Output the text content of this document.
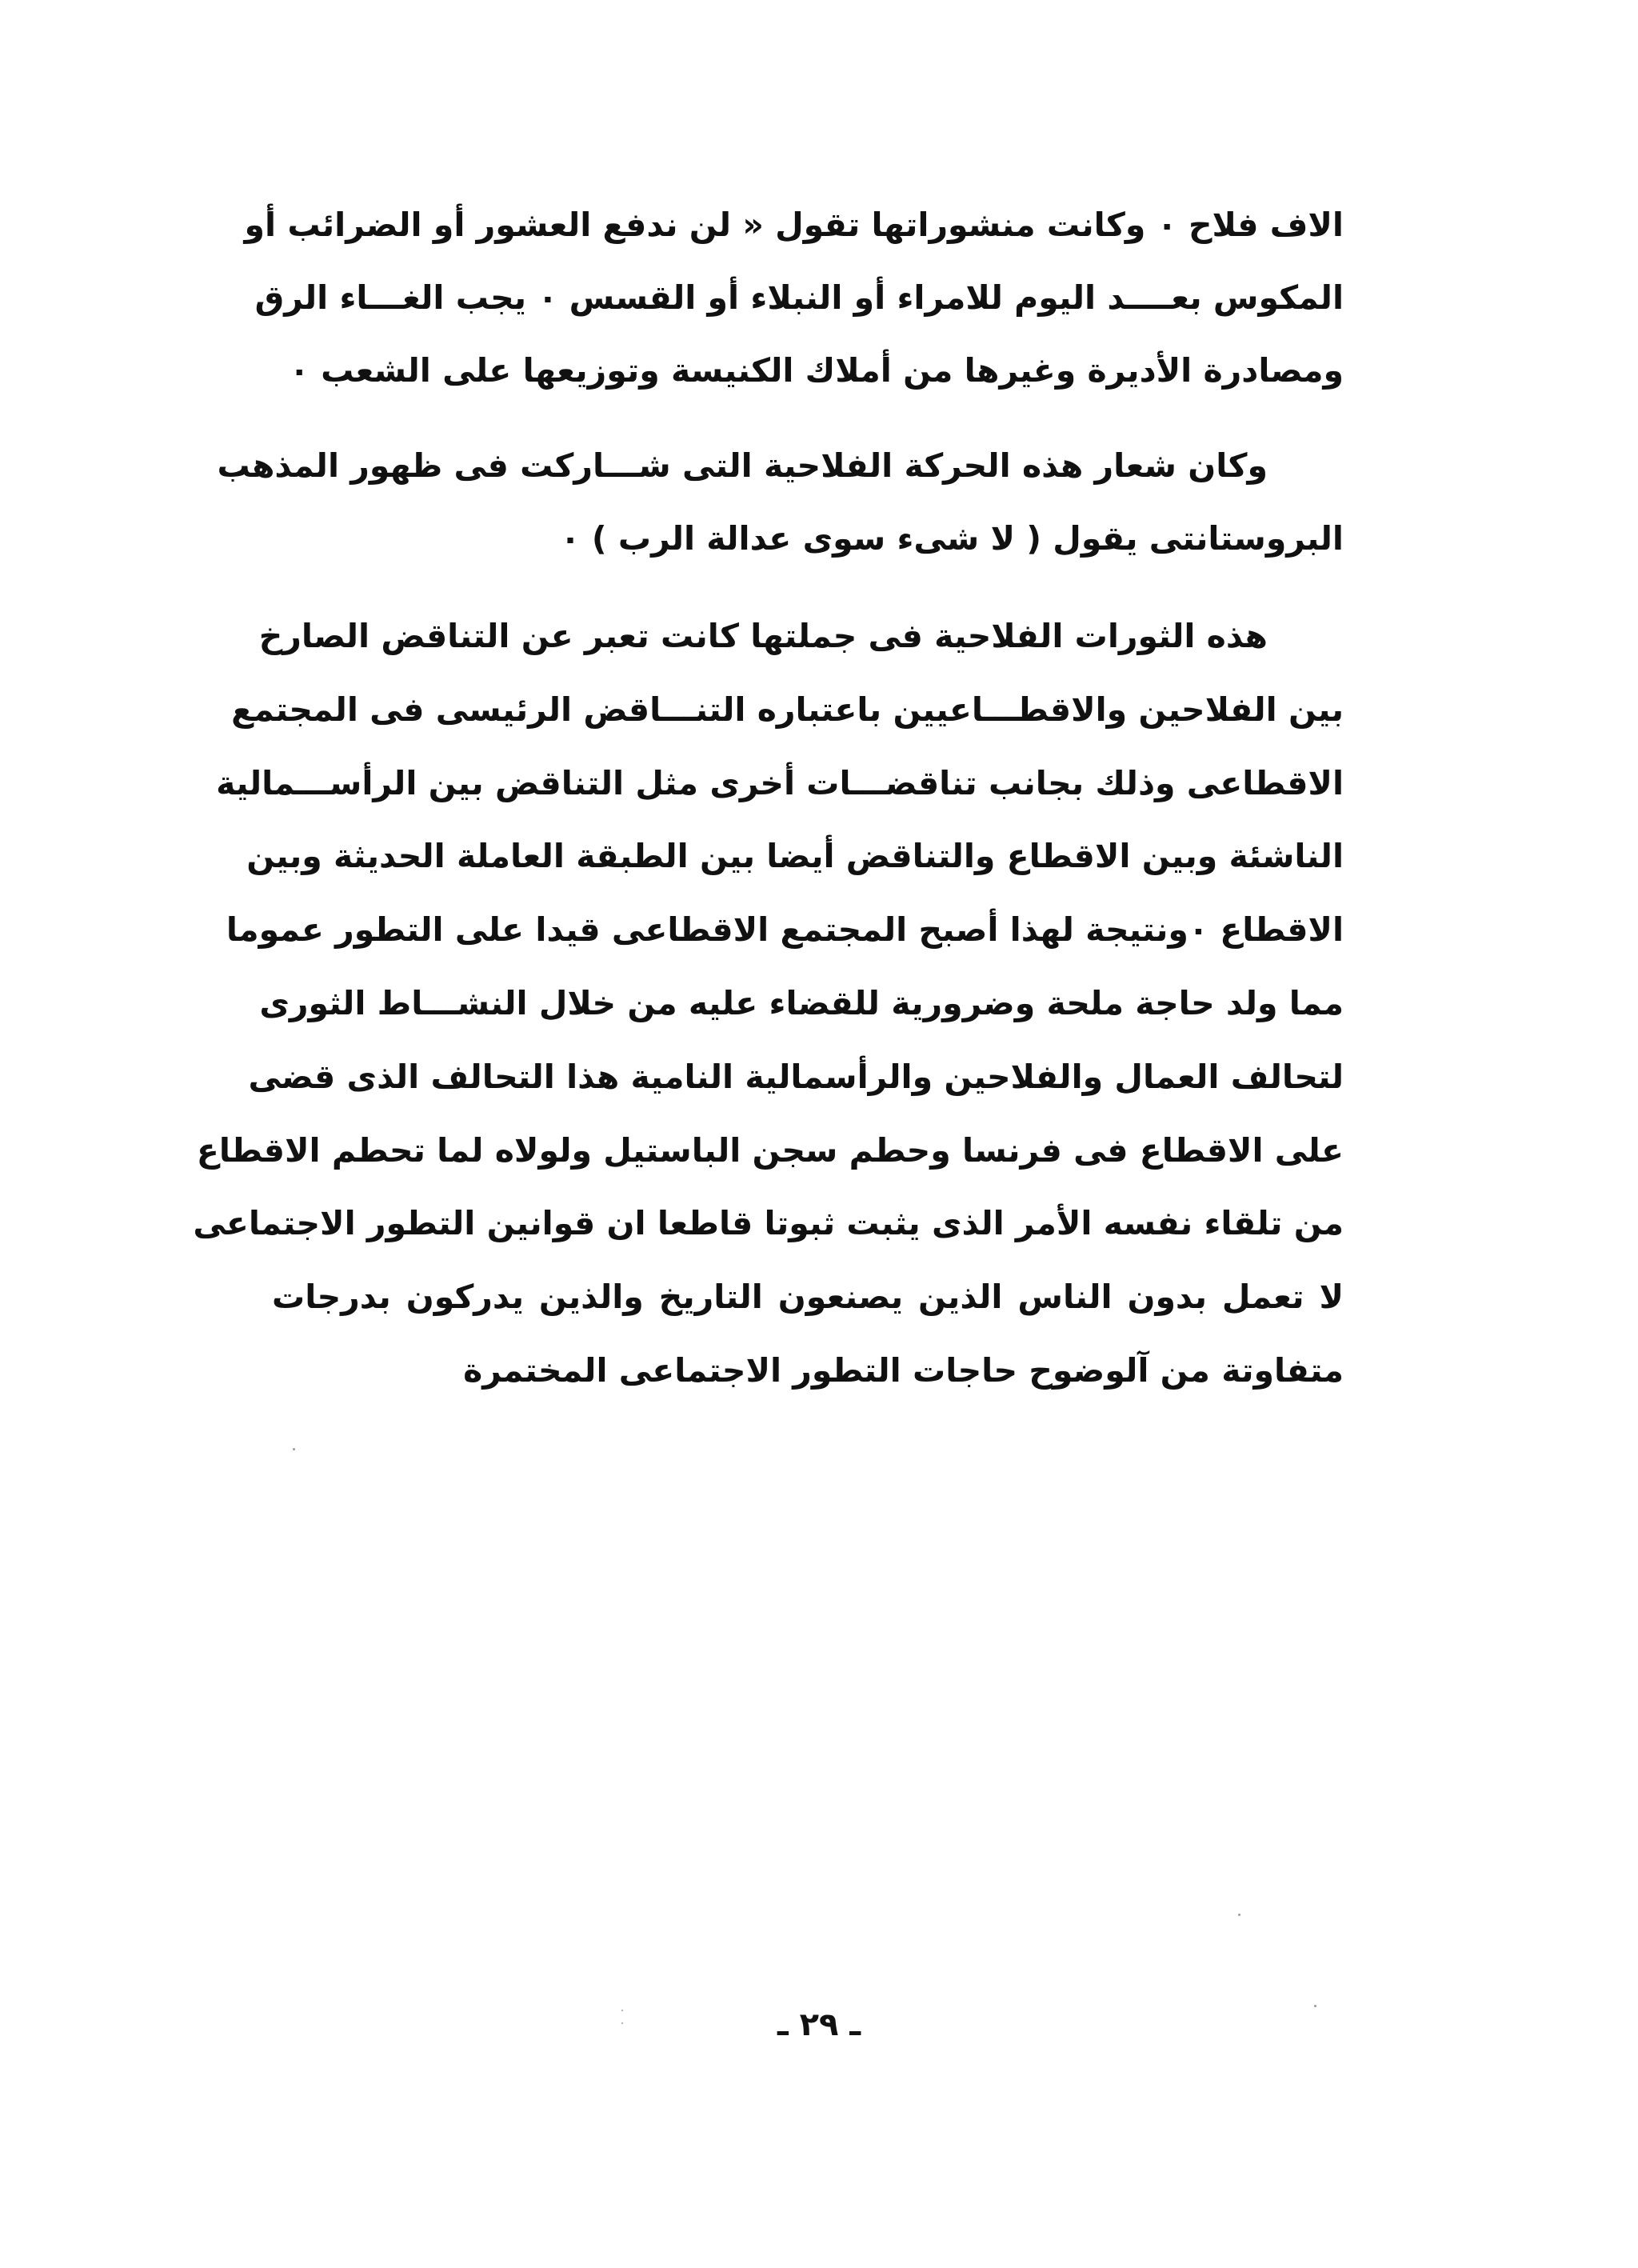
الاف فلاح ٠ وكانت منشوراتها تقول « لن ندفع العشور أو الضرائب أو
المكوس بعــــد اليوم للامراء أو النبلاء أو القسس ٠ يجب الغـــاء الرق
ومصادرة الأديرة وغيرها من أملاك الكنيسة وتوزيعها على الشعب ٠
وكان شعار هذه الحركة الفلاحية التى شـــاركت فى ظهور المذهب
البروستانتى يقول ( لا شىء سوى عدالة الرب ) ٠
هذه الثورات الفلاحية فى جملتها كانت تعبر عن التناقض الصارخ
بين الفلاحين والاقطـــاعيين باعتباره التنـــاقض الرئيسى فى المجتمع
الاقطاعى وذلك بجانب تناقضـــات أخرى مثل التناقض بين الرأســـمالية
الناشئة وبين الاقطاع والتناقض أيضا بين الطبقة العاملة الحديثة وبين
الاقطاع ٠ونتيجة لهذا أصبح المجتمع الاقطاعى قيدا على التطور عموما
مما ولد حاجة ملحة وضرورية للقضاء عليه من خلال النشـــاط الثورى
لتحالف العمال والفلاحين والرأسمالية النامية هذا التحالف الذى قضى
على الاقطاع فى فرنسا وحطم سجن الباستيل ولولاه لما تحطم الاقطاع
من تلقاء نفسه الأمر الذى يثبت ثبوتا قاطعا ان قوانين التطور الاجتماعى
لا تعمل بدون الناس الذين يصنعون التاريخ والذين يدركون بدرجات
متفاوتة من آلوضوح حاجات التطور الاجتماعى المختمرة
ـ ٢٩ ـ
